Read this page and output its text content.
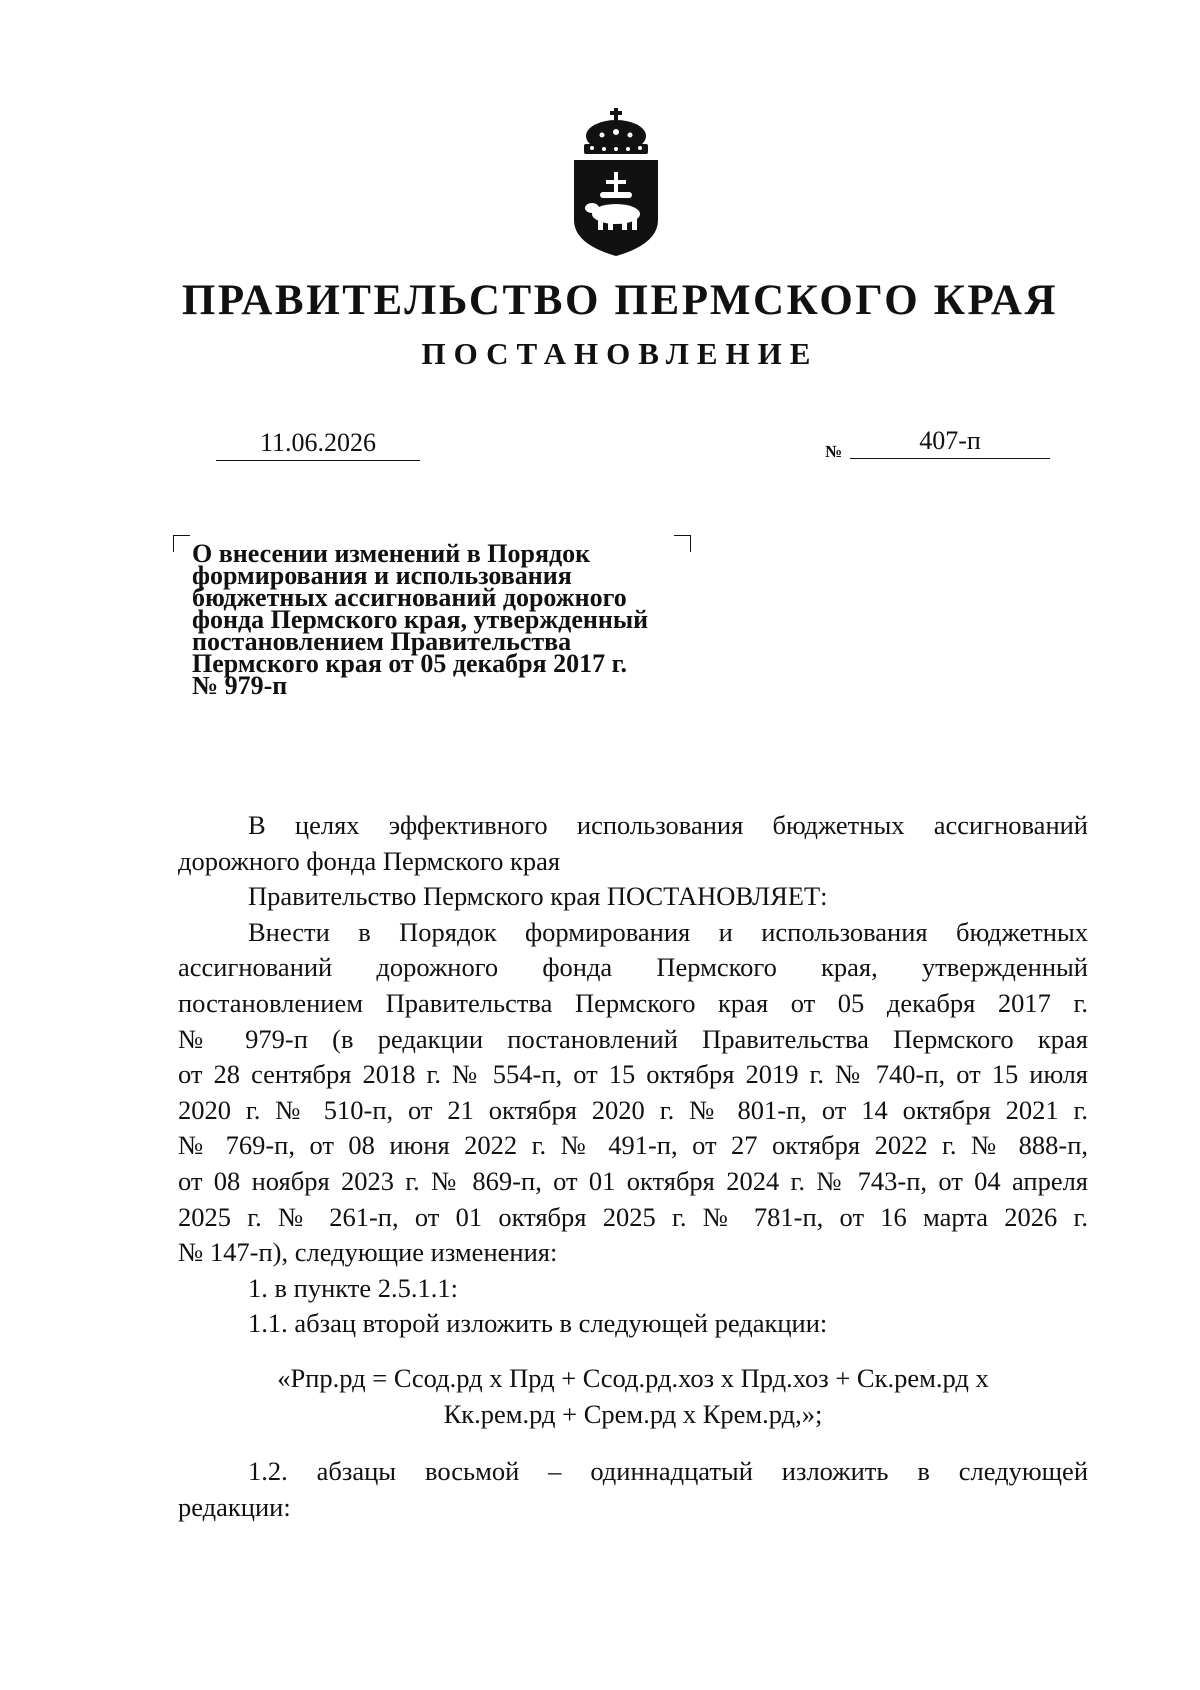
ПРАВИТЕЛЬСТВО ПЕРМСКОГО КРАЯ
ПОСТАНОВЛЕНИЕ
11.06.2026	№	407-п
О внесении изменений в Порядок
формирования и использования
бюджетных ассигнований дорожного
фонда Пермского края, утвержденный
постановлением Правительства
Пермского края от 05 декабря 2017 г.
№ 979-п

В целях эффективного использования бюджетных ассигнований

дорожного фонда Пермского края

Правительство Пермского края ПОСТАНОВЛЯЕТ:

Внести в Порядок формирования и использования бюджетных

ассигнований дорожного фонда Пермского края, утвержденный

постановлением Правительства Пермского края от 05 декабря 2017 г.

№ 979-п (в редакции постановлений Правительства Пермского края

от 28 сентября 2018 г. № 554-п, от 15 октября 2019 г. № 740-п, от 15 июля

2020 г. № 510-п, от 21 октября 2020 г. № 801-п, от 14 октября 2021 г.

№ 769-п, от 08 июня 2022 г. № 491-п, от 27 октября 2022 г. № 888-п,

от 08 ноября 2023 г. № 869-п, от 01 октября 2024 г. № 743-п, от 04 апреля

2025 г. № 261-п, от 01 октября 2025 г. № 781-п, от 16 марта 2026 г.

№ 147-п), следующие изменения:

1. в пункте 2.5.1.1:

1.1. абзац второй изложить в следующей редакции:

«Рпр.рд = Ссод.рд х Прд + Ссод.рд.хоз х Прд.хоз + Ск.рем.рд х
Кк.рем.рд + Срем.рд х Крем.рд,»;

1.2. абзацы восьмой – одиннадцатый изложить в следующей

редакции:
